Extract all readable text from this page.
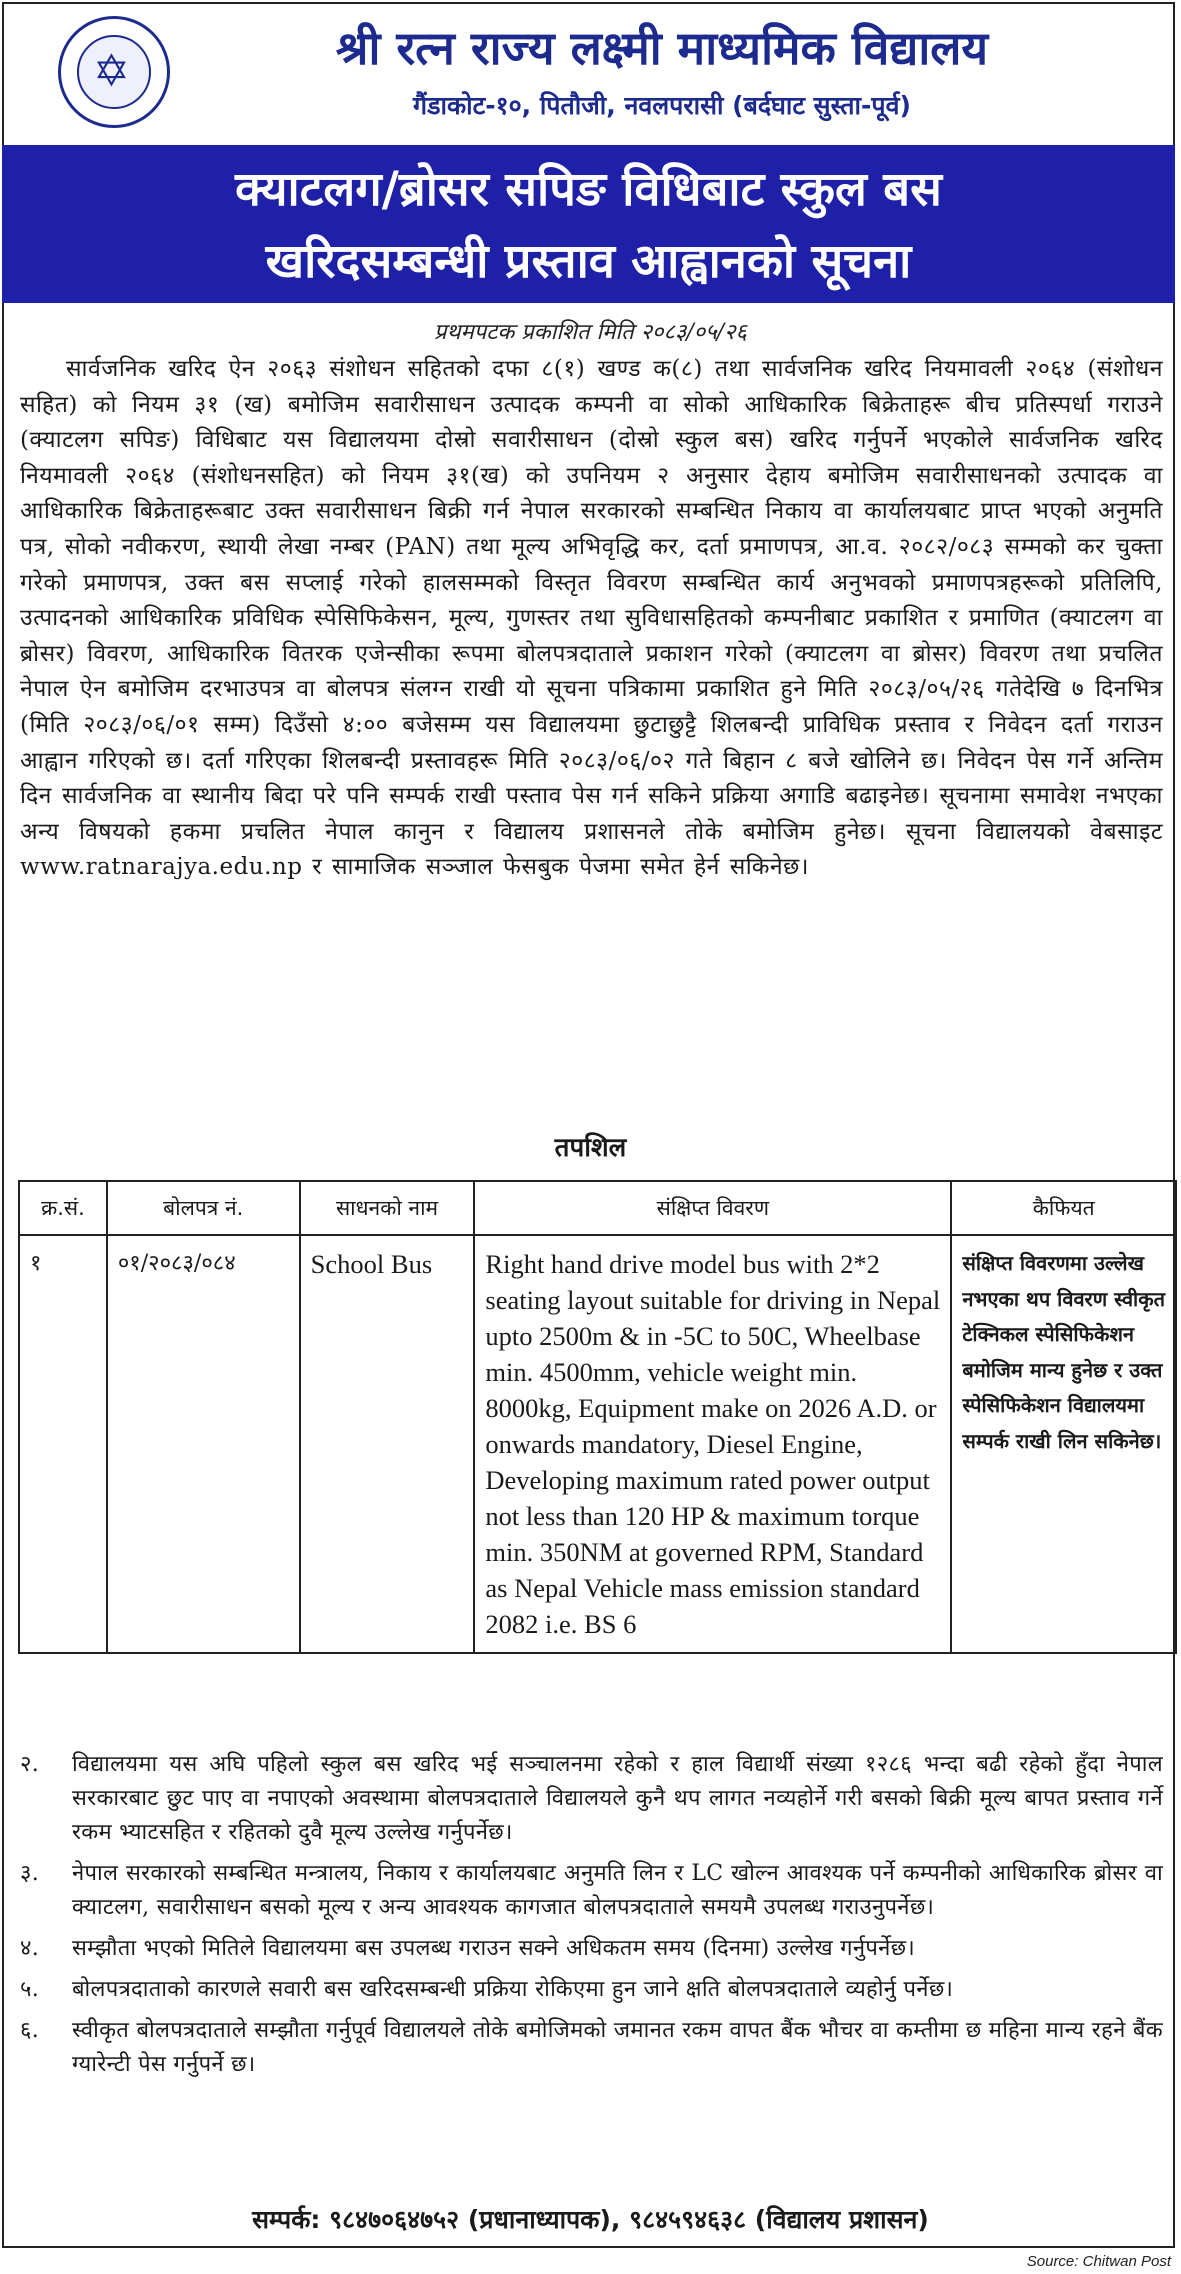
✡	श्री रत्न राज्य लक्ष्मी माध्यमिक विद्यालय
गैंडाकोट-१०, पितौजी, नवलपरासी (बर्दघाट सुस्ता-पूर्व)
क्याटलग/ब्रोसर सपिङ विधिबाट स्कुल बस
खरिदसम्बन्धी प्रस्ताव आह्वानको सूचना
प्रथमपटक प्रकाशित मिति २०८३/०५/२६
सार्वजनिक खरिद ऐन २०६३ संशोधन सहितको दफा ८(१) खण्ड क(८) तथा सार्वजनिक खरिद नियमावली २०६४ (संशोधन सहित) को नियम ३१ (ख) बमोजिम सवारीसाधन उत्पादक कम्पनी वा सोको आधिकारिक बिक्रेताहरू बीच प्रतिस्पर्धा गराउने (क्याटलग सपिङ) विधिबाट यस विद्यालयमा दोस्रो सवारीसाधन (दोस्रो स्कुल बस) खरिद गर्नुपर्ने भएकोले सार्वजनिक खरिद नियमावली २०६४ (संशोधनसहित) को नियम ३१(ख) को उपनियम २ अनुसार देहाय बमोजिम सवारीसाधनको उत्पादक वा आधिकारिक बिक्रेताहरूबाट उक्त सवारीसाधन बिक्री गर्न नेपाल सरकारको सम्बन्धित निकाय वा कार्यालयबाट प्राप्त भएको अनुमति पत्र, सोको नवीकरण, स्थायी लेखा नम्बर (PAN) तथा मूल्य अभिवृद्धि कर, दर्ता प्रमाणपत्र, आ.व. २०८२/०८३ सम्मको कर चुक्ता गरेको प्रमाणपत्र, उक्त बस सप्लाई गरेको हालसम्मको विस्तृत विवरण सम्बन्धित कार्य अनुभवको प्रमाणपत्रहरूको प्रतिलिपि, उत्पादनको आधिकारिक प्रविधिक स्पेसिफिकेसन, मूल्य, गुणस्तर तथा सुविधासहितको कम्पनीबाट प्रकाशित र प्रमाणित (क्याटलग वा ब्रोसर) विवरण, आधिकारिक वितरक एजेन्सीका रूपमा बोलपत्रदाताले प्रकाशन गरेको (क्याटलग वा ब्रोसर) विवरण तथा प्रचलित नेपाल ऐन बमोजिम दरभाउपत्र वा बोलपत्र संलग्न राखी यो सूचना पत्रिकामा प्रकाशित हुने मिति २०८३/०५/२६ गतेदेखि ७ दिनभित्र (मिति २०८३/०६/०१ सम्म) दिउँसो ४:०० बजेसम्म यस विद्यालयमा छुटाछुट्टै शिलबन्दी प्राविधिक प्रस्ताव र निवेदन दर्ता गराउन आह्वान गरिएको छ। दर्ता गरिएका शिलबन्दी प्रस्तावहरू मिति २०८३/०६/०२ गते बिहान ८ बजे खोलिने छ। निवेदन पेस गर्ने अन्तिम दिन सार्वजनिक वा स्थानीय बिदा परे पनि सम्पर्क राखी पस्ताव पेस गर्न सकिने प्रक्रिया अगाडि बढाइनेछ। सूचनामा समावेश नभएका अन्य विषयको हकमा प्रचलित नेपाल कानुन र विद्यालय प्रशासनले तोके बमोजिम हुनेछ। सूचना विद्यालयको वेबसाइट www.ratnarajya.edu.np र सामाजिक सञ्जाल फेसबुक पेजमा समेत हेर्न सकिनेछ।
तपशिल
क्र.सं.	बोलपत्र नं.	साधनको नाम	संक्षिप्त विवरण	कैफियत
१	०१/२०८३/०८४	School Bus	Right hand drive model bus with 2*2 seating layout suitable for driving in Nepal upto 2500m & in -5C to 50C, Wheelbase min. 4500mm, vehicle weight min. 8000kg, Equipment make on 2026 A.D. or onwards mandatory, Diesel Engine, Developing maximum rated power output not less than 120 HP & maximum torque min. 350NM at governed RPM, Standard as Nepal Vehicle mass emission standard 2082 i.e. BS 6	संक्षिप्त विवरणमा उल्लेख नभएका थप विवरण स्वीकृत टेक्निकल स्पेसिफिकेशन बमोजिम मान्य हुनेछ र उक्त स्पेसिफिकेशन विद्यालयमा सम्पर्क राखी लिन सकिनेछ।
२. विद्यालयमा यस अघि पहिलो स्कुल बस खरिद भई सञ्चालनमा रहेको र हाल विद्यार्थी संख्या १२८६ भन्दा बढी रहेको हुँदा नेपाल सरकारबाट छुट पाए वा नपाएको अवस्थामा बोलपत्रदाताले विद्यालयले कुनै थप लागत नव्यहोर्ने गरी बसको बिक्री मूल्य बापत प्रस्ताव गर्ने रकम भ्याटसहित र रहितको दुवै मूल्य उल्लेख गर्नुपर्नेछ।
३. नेपाल सरकारको सम्बन्धित मन्त्रालय, निकाय र कार्यालयबाट अनुमति लिन र LC खोल्न आवश्यक पर्ने कम्पनीको आधिकारिक ब्रोसर वा क्याटलग, सवारीसाधन बसको मूल्य र अन्य आवश्यक कागजात बोलपत्रदाताले समयमै उपलब्ध गराउनुपर्नेछ।
४. सम्झौता भएको मितिले विद्यालयमा बस उपलब्ध गराउन सक्ने अधिकतम समय (दिनमा) उल्लेख गर्नुपर्नेछ।
५. बोलपत्रदाताको कारणले सवारी बस खरिदसम्बन्धी प्रक्रिया रोकिएमा हुन जाने क्षति बोलपत्रदाताले व्यहोर्नु पर्नेछ।
६. स्वीकृत बोलपत्रदाताले सम्झौता गर्नुपूर्व विद्यालयले तोके बमोजिमको जमानत रकम वापत बैंक भौचर वा कम्तीमा छ महिना मान्य रहने बैंक ग्यारेन्टी पेस गर्नुपर्ने छ।
सम्पर्क: ९८४७०६४७५२ (प्रधानाध्यापक), ९८४५९४६३८ (विद्यालय प्रशासन)
Source: Chitwan Post
